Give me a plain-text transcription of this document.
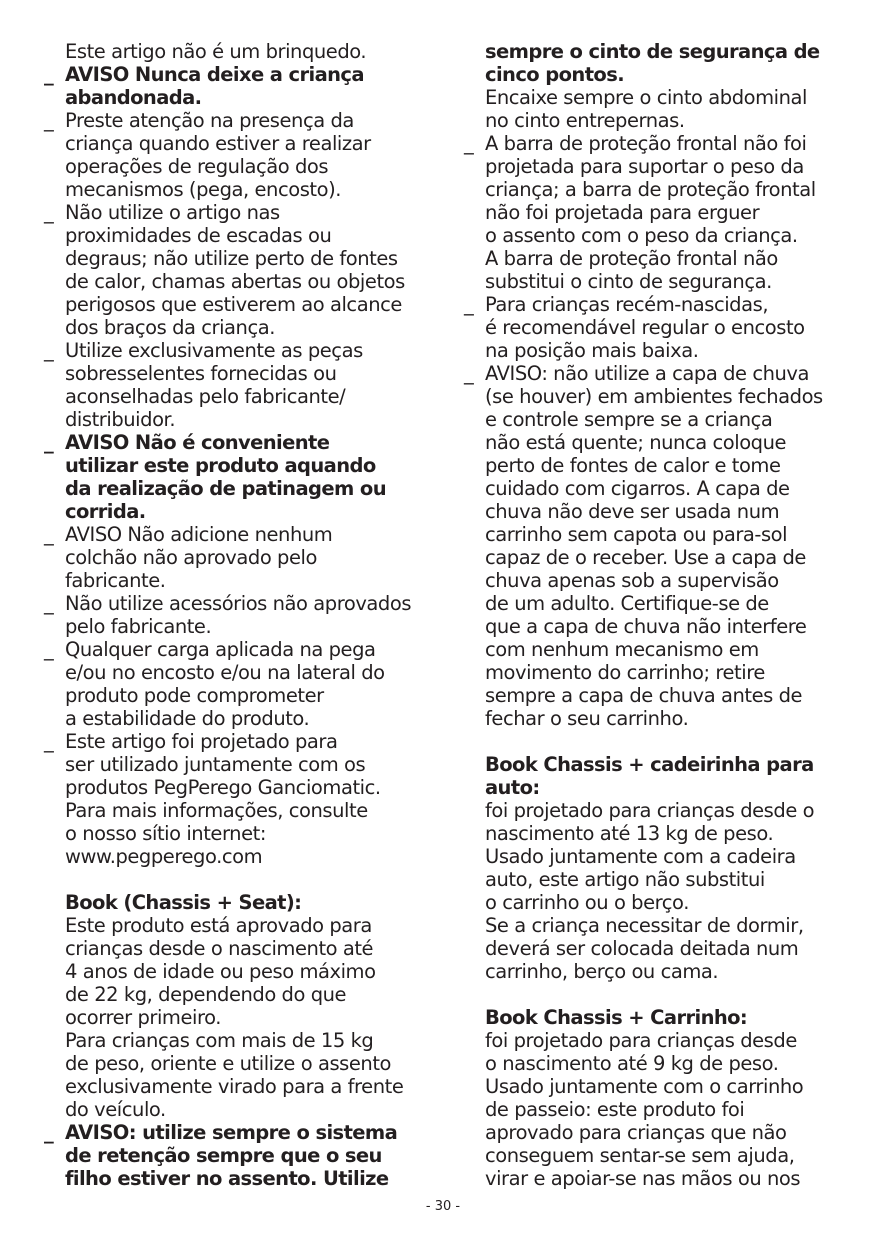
Este artigo não é um brinquedo.
_ AVISO Nunca deixe a criança
abandonada.
_ Preste atenção na presença da
criança quando estiver a realizar
operações de regulação dos
mecanismos (pega, encosto).
_ Não utilize o artigo nas
proximidades de escadas ou
degraus; não utilize perto de fontes
de calor, chamas abertas ou objetos
perigosos que estiverem ao alcance
dos braços da criança.
_ Utilize exclusivamente as peças
sobresselentes fornecidas ou
aconselhadas pelo fabricante/
distribuidor.
_ AVISO Não é conveniente
utilizar este produto aquando
da realização de patinagem ou
corrida.
_ AVISO Não adicione nenhum
colchão não aprovado pelo
fabricante.
_ Não utilize acessórios não aprovados
pelo fabricante.
_ Qualquer carga aplicada na pega
e/ou no encosto e/ou na lateral do
produto pode comprometer
a estabilidade do produto.
_ Este artigo foi projetado para
ser utilizado juntamente com os
produtos PegPerego Ganciomatic.
Para mais informações, consulte
o nosso sítio internet:
www.pegperego.com
Book (Chassis + Seat):
Este produto está aprovado para
crianças desde o nascimento até
4 anos de idade ou peso máximo
de 22 kg, dependendo do que
ocorrer primeiro.
Para crianças com mais de 15 kg
de peso, oriente e utilize o assento
exclusivamente virado para a frente
do veículo.
_ AVISO: utilize sempre o sistema
de retenção sempre que o seu
filho estiver no assento. Utilize
sempre o cinto de segurança de
cinco pontos.
Encaixe sempre o cinto abdominal
no cinto entrepernas.
_ A barra de proteção frontal não foi
projetada para suportar o peso da
criança; a barra de proteção frontal
não foi projetada para erguer
o assento com o peso da criança.
A barra de proteção frontal não
substitui o cinto de segurança.
_ Para crianças recém-nascidas,
é recomendável regular o encosto
na posição mais baixa.
_ AVISO: não utilize a capa de chuva
(se houver) em ambientes fechados
e controle sempre se a criança
não está quente; nunca coloque
perto de fontes de calor e tome
cuidado com cigarros. A capa de
chuva não deve ser usada num
carrinho sem capota ou para-sol
capaz de o receber. Use a capa de
chuva apenas sob a supervisão
de um adulto. Certifique-se de
que a capa de chuva não interfere
com nenhum mecanismo em
movimento do carrinho; retire
sempre a capa de chuva antes de
fechar o seu carrinho.
Book Chassis + cadeirinha para
auto:
foi projetado para crianças desde o
nascimento até 13 kg de peso.
Usado juntamente com a cadeira
auto, este artigo não substitui
o carrinho ou o berço.
Se a criança necessitar de dormir,
deverá ser colocada deitada num
carrinho, berço ou cama.
Book Chassis + Carrinho:
foi projetado para crianças desde
o nascimento até 9 kg de peso.
Usado juntamente com o carrinho
de passeio: este produto foi
aprovado para crianças que não
conseguem sentar-se sem ajuda,
virar e apoiar-se nas mãos ou nos
- 30 -
